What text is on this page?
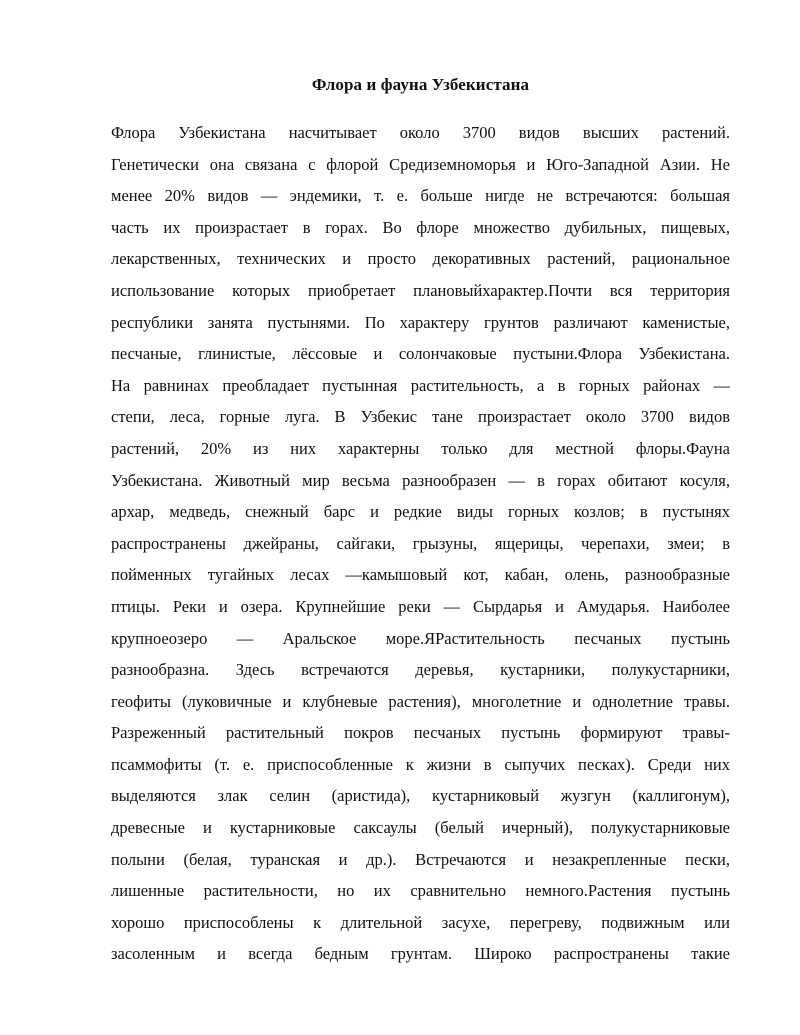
Флора и фауна Узбекистана
Флора Узбекистана насчитывает около 3700 видов высших растений.
Генетически она связана с флорой Средиземноморья и Юго-Западной Азии. Не
менее 20% видов — эндемики, т. е. больше нигде не встречаются: большая
часть их произрастает в горах. Во флоре множество дубильных, пищевых,
лекарственных, технических и просто декоративных растений, рациональное
использование которых приобретает плановыйхарактер.Почти вся территория
республики занята пустынями. По характеру грунтов различают каменистые,
песчаные, глинистые, лёссовые и солончаковые пустыни.Флора Узбекистана.
На равнинах преобладает пустынная растительность, а в горных районах —
степи, леса, горные луга. В Узбекис тане произрастает около 3700 видов
растений, 20% из них характерны только для местной флоры.Фауна
Узбекистана. Животный мир весьма разнообразен — в горах обитают косуля,
архар, медведь, снежный барс и редкие виды горных козлов; в пустынях
распространены джейраны, сайгаки, грызуны, ящерицы, черепахи, змеи; в
пойменных тугайных лесах —камышовый кот, кабан, олень, разнообразные
птицы. Реки и озера. Крупнейшие реки — Сырдарья и Амударья. Наиболее
крупноеозеро — Аральское море.ЯРастительность песчаных пустынь
разнообразна. Здесь встречаются деревья, кустарники, полукустарники,
геофиты (луковичные и клубневые растения), многолетние и однолетние травы.
Разреженный растительный покров песчаных пустынь формируют травы-
псаммофиты (т. е. приспособленные к жизни в сыпучих песках). Среди них
выделяются злак селин (аристида), кустарниковый жузгун (каллигонум),
древесные и кустарниковые саксаулы (белый ичерный), полукустарниковые
полыни (белая, туранская и др.). Встречаются и незакрепленные пески,
лишенные растительности, но их сравнительно немного.Растения пустынь
хорошо приспособлены к длительной засухе, перегреву, подвижным или
засоленным и всегда бедным грунтам. Широко распространены такие
